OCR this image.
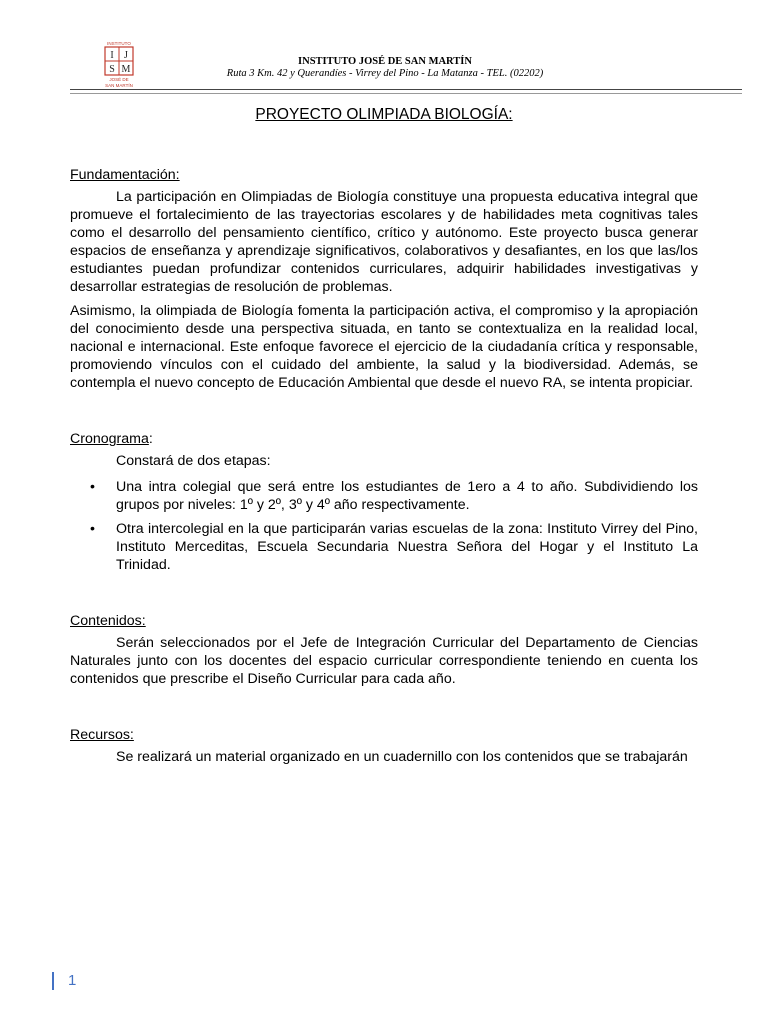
INSTITUTO
I J
S M
JOSÉ DE
SAN MARTÍN
INSTITUTO JOSÉ DE SAN MARTÍN
Ruta 3 Km. 42 y Querandíes - Virrey del Pino - La Matanza - TEL. (02202)
PROYECTO OLIMPIADA BIOLOGÍA:
Fundamentación:

La participación en Olimpiadas de Biología constituye una propuesta educativa integral que promueve el fortalecimiento de las trayectorias escolares y de habilidades meta cognitivas tales como el desarrollo del pensamiento científico, crítico y autónomo. Este proyecto busca generar espacios de enseñanza y aprendizaje significativos, colaborativos y desafiantes, en los que las/los estudiantes puedan profundizar contenidos curriculares, adquirir habilidades investigativas y desarrollar estrategias de resolución de problemas.

Asimismo, la olimpiada de Biología fomenta la participación activa, el compromiso y la apropiación del conocimiento desde una perspectiva situada, en tanto se contextualiza en la realidad local, nacional e internacional. Este enfoque favorece el ejercicio de la ciudadanía crítica y responsable, promoviendo vínculos con el cuidado del ambiente, la salud y la biodiversidad. Además, se contempla el nuevo concepto de Educación Ambiental que desde el nuevo RA, se intenta propiciar.

Cronograma:

Constará de dos etapas:

• Una intra colegial que será entre los estudiantes de 1ero a 4 to año. Subdividiendo los grupos por niveles: 1º y 2º, 3º y 4º año respectivamente.
• Otra intercolegial en la que participarán varias escuelas de la zona: Instituto Virrey del Pino, Instituto Merceditas, Escuela Secundaria Nuestra Señora del Hogar y el Instituto La Trinidad.
Contenidos:

Serán seleccionados por el Jefe de Integración Curricular del Departamento de Ciencias Naturales junto con los docentes del espacio curricular correspondiente teniendo en cuenta los contenidos que prescribe el Diseño Curricular para cada año.

Recursos:

Se realizará un material organizado en un cuadernillo con los contenidos que se trabajarán

1
